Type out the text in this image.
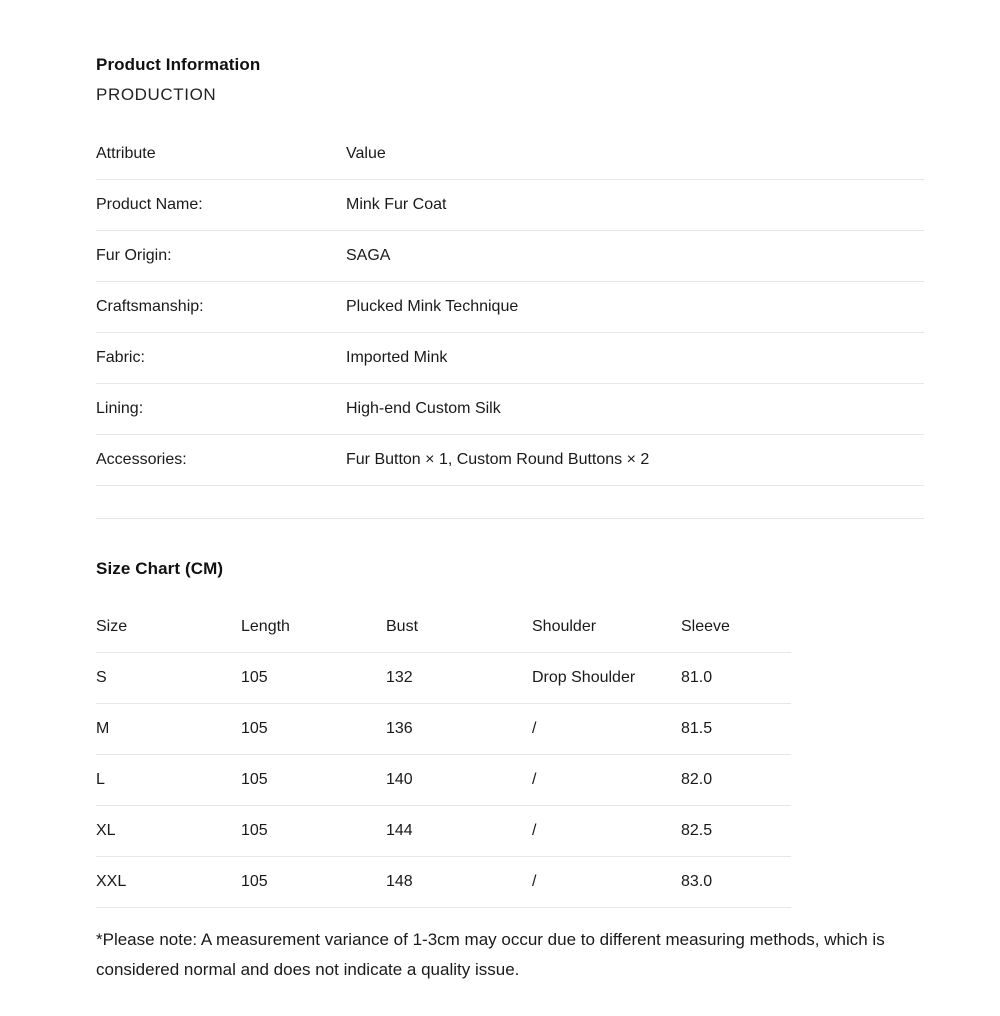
Product Information
PRODUCTION
Attribute	Value
Product Name:	Mink Fur Coat
Fur Origin:	SAGA
Craftsmanship:	Plucked Mink Technique
Fabric:	Imported Mink
Lining:	High-end Custom Silk
Accessories:	Fur Button × 1, Custom Round Buttons × 2
Size Chart (CM)
Size	Length	Bust	Shoulder	Sleeve
S	105	132	Drop Shoulder	81.0
M	105	136	/	81.5
L	105	140	/	82.0
XL	105	144	/	82.5
XXL	105	148	/	83.0

*Please note: A measurement variance of 1-3cm may occur due to different measuring methods, which is considered normal and does not indicate a quality issue.
